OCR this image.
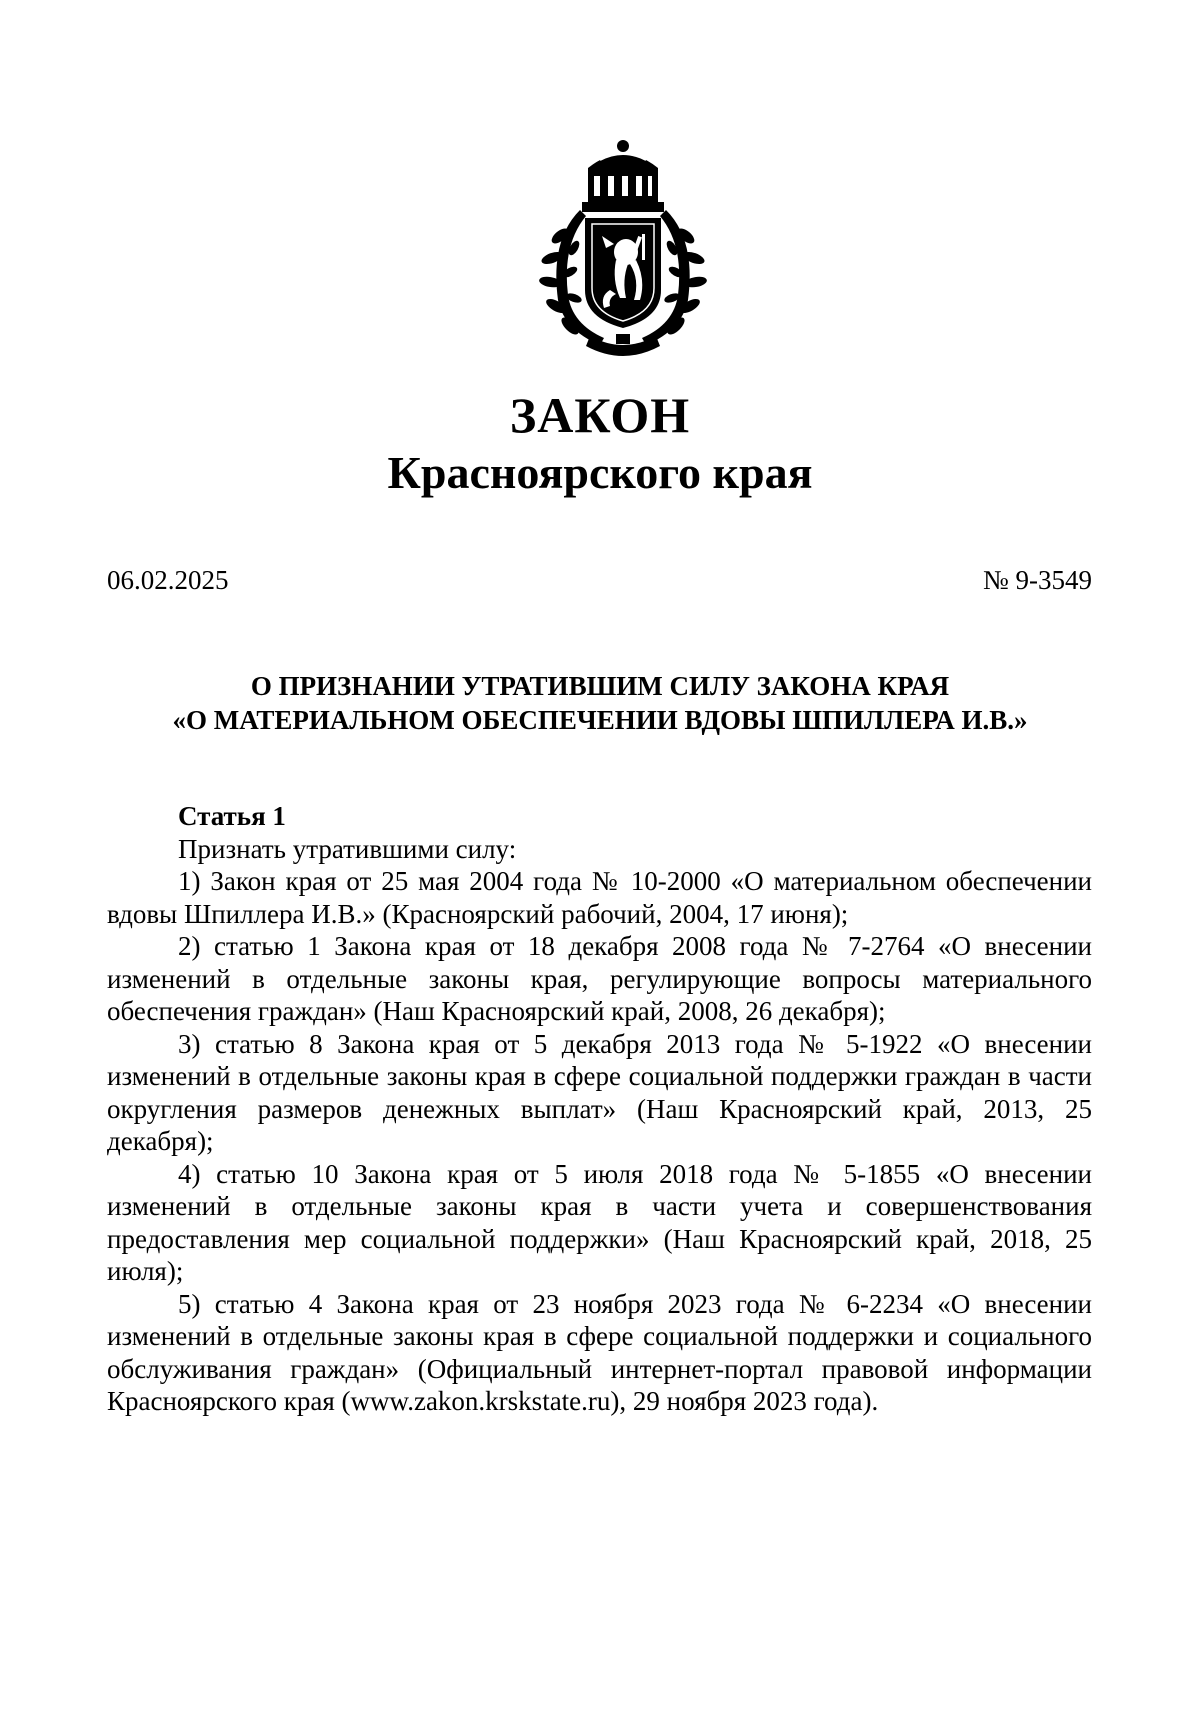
ЗАКОН
Красноярского края
06.02.2025	№ 9-3549
О ПРИЗНАНИИ УТРАТИВШИМ СИЛУ ЗАКОНА КРАЯ
«О МАТЕРИАЛЬНОМ ОБЕСПЕЧЕНИИ ВДОВЫ ШПИЛЛЕРА И.В.»
Статья 1

Признать утратившими силу:

1) Закон края от 25 мая 2004 года № 10-2000 «О материальном обеспечении вдовы Шпиллера И.В.» (Красноярский рабочий, 2004, 17 июня);

2) статью 1 Закона края от 18 декабря 2008 года № 7-2764 «О внесении изменений в отдельные законы края, регулирующие вопросы материального обеспечения граждан» (Наш Красноярский край, 2008, 26 декабря);

3) статью 8 Закона края от 5 декабря 2013 года № 5-1922 «О внесении изменений в отдельные законы края в сфере социальной поддержки граждан в части округления размеров денежных выплат» (Наш Красноярский край, 2013, 25 декабря);

4) статью 10 Закона края от 5 июля 2018 года № 5-1855 «О внесении изменений в отдельные законы края в части учета и совершенствования предоставления мер социальной поддержки» (Наш Красноярский край, 2018, 25 июля);

5) статью 4 Закона края от 23 ноября 2023 года № 6-2234 «О внесении изменений в отдельные законы края в сфере социальной поддержки и социального обслуживания граждан» (Официальный интернет-портал правовой информации Красноярского края (www.zakon.krskstate.ru), 29 ноября 2023 года).
